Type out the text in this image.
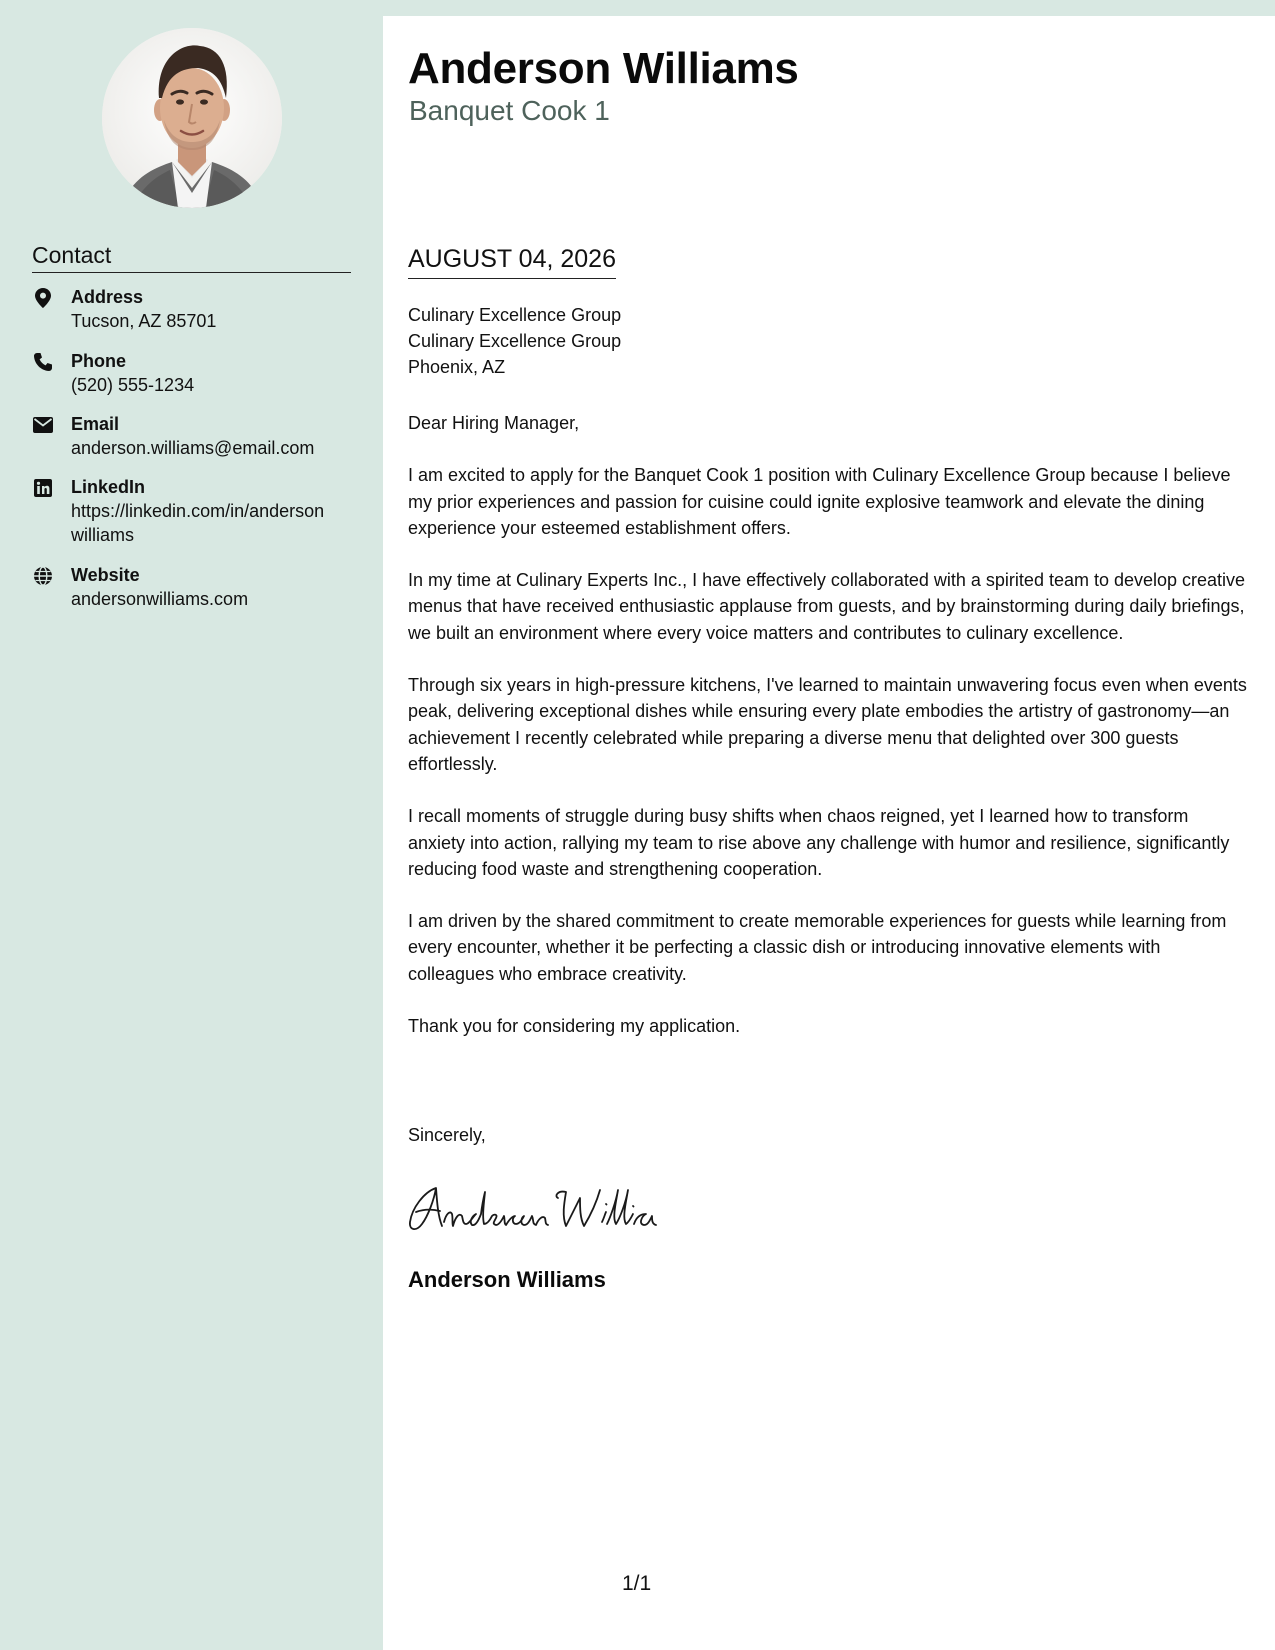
Contact
Address
Tucson, AZ 85701
Phone
(520) 555-1234
Email
anderson.williams@email.com
LinkedIn
https://linkedin.com/in/anderson
williams
Website
andersonwilliams.com
Anderson Williams
Banquet Cook 1
AUGUST 04, 2026
Culinary Excellence Group
Culinary Excellence Group
Phoenix, AZ

Dear Hiring Manager,

I am excited to apply for the Banquet Cook 1 position with Culinary Excellence Group because I believe my prior experiences and passion for cuisine could ignite explosive teamwork and elevate the dining experience your esteemed establishment offers.

In my time at Culinary Experts Inc., I have effectively collaborated with a spirited team to develop creative menus that have received enthusiastic applause from guests, and by brainstorming during daily briefings, we built an environment where every voice matters and contributes to culinary excellence.

Through six years in high-pressure kitchens, I've learned to maintain unwavering focus even when events peak, delivering exceptional dishes while ensuring every plate embodies the artistry of gastronomy—an achievement I recently celebrated while preparing a diverse menu that delighted over 300 guests effortlessly.

I recall moments of struggle during busy shifts when chaos reigned, yet I learned how to transform anxiety into action, rallying my team to rise above any challenge with humor and resilience, significantly reducing food waste and strengthening cooperation.

I am driven by the shared commitment to create memorable experiences for guests while learning from every encounter, whether it be perfecting a classic dish or introducing innovative elements with colleagues who embrace creativity.

Thank you for considering my application.

Sincerely,
Anderson Williams
1/1
